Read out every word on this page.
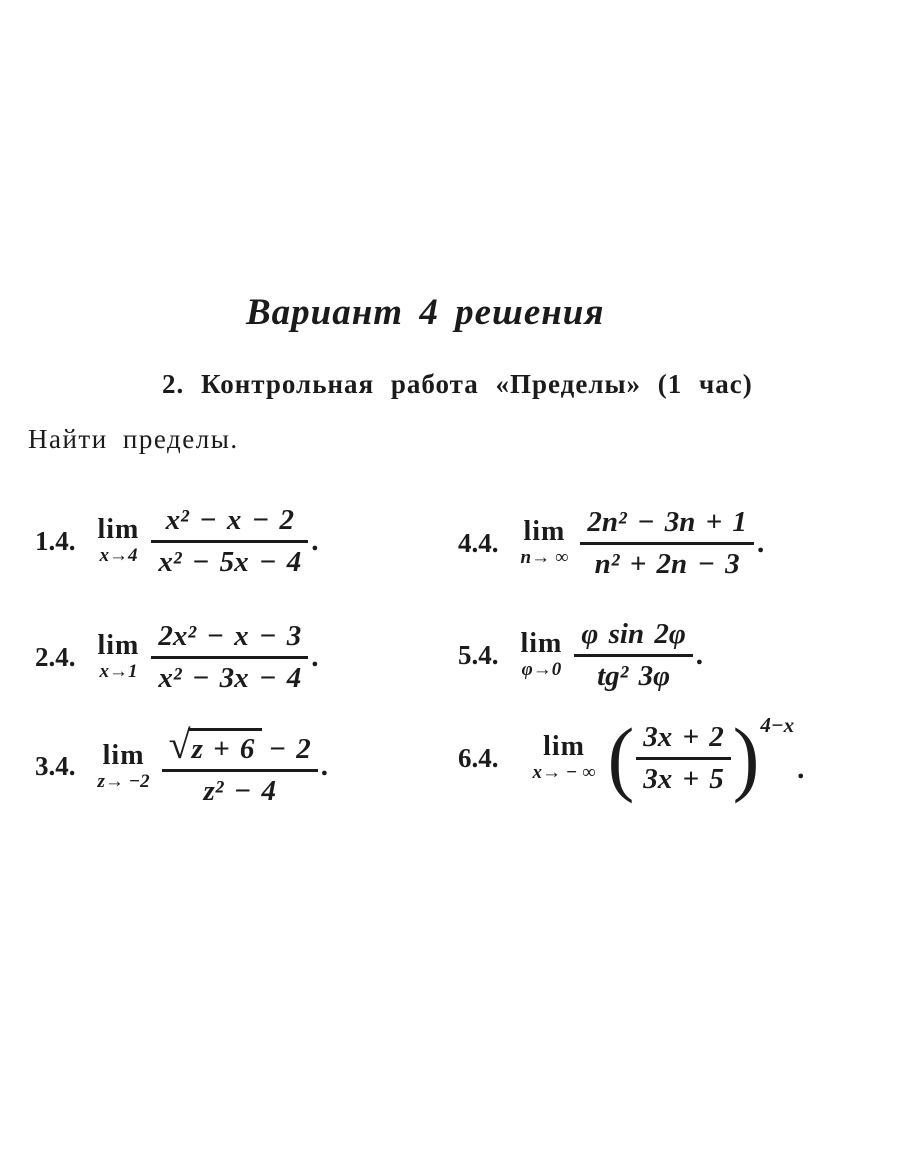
Вариант 4 решения
2. Контрольная работа «Пределы» (1 час)
Найти пределы.
1.4. lim
$x\to 4 \frac{\text{x² − x − 2}}{\text{x² − 5x − 4}}$ .
2.4. lim
$x\to 1 \frac{\text{2x² − x − 3}}{\text{x² − 3x − 4}}$ .
3.4. lim
$z\to -2 \frac{√ z + 6 - 2}{\text{z² − 4}}$ .
4.4. lim
n→ ∞ $\frac{\text{2n² − 3n + 1}}{\text{n² + 2n − 3}}$ .
5.4. lim
$\varphi\to 0 \frac{\text{φ sin 2φ}}{\text{tg² 3φ}}$ .
6.4. lim
x→ − ∞ ( $\frac{3x + 2}{3x + 5}$ ) 4−x
.
